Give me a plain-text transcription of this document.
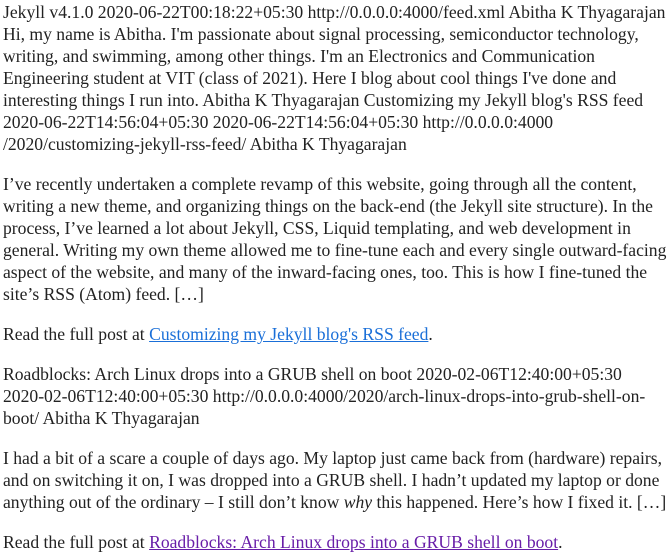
Jekyll v4.1.0 2020-06-22T00:18:22+05:30 http://0.0.0.0:4000/feed.xml Abitha K Thyagarajan
Hi, my name is Abitha. I'm passionate about signal processing, semiconductor technology,
writing, and swimming, among other things. I'm an Electronics and Communication
Engineering student at VIT (class of 2021). Here I blog about cool things I've done and
interesting things I run into. Abitha K Thyagarajan Customizing my Jekyll blog's RSS feed
2020-06-22T14:56:04+05:30 2020-06-22T14:56:04+05:30 http://0.0.0.0:4000
/2020/customizing-jekyll-rss-feed/ Abitha K Thyagarajan

I’ve recently undertaken a complete revamp of this website, going through all the content,
writing a new theme, and organizing things on the back-end (the Jekyll site structure). In the
process, I’ve learned a lot about Jekyll, CSS, Liquid templating, and web development in
general. Writing my own theme allowed me to fine-tune each and every single outward-facing
aspect of the website, and many of the inward-facing ones, too. This is how I fine-tuned the
site’s RSS (Atom) feed. […]

Read the full post at Customizing my Jekyll blog's RSS feed.

Roadblocks: Arch Linux drops into a GRUB shell on boot 2020-02-06T12:40:00+05:30
2020-02-06T12:40:00+05:30 http://0.0.0.0:4000/2020/arch-linux-drops-into-grub-shell-on-
boot/ Abitha K Thyagarajan

I had a bit of a scare a couple of days ago. My laptop just came back from (hardware) repairs,
and on switching it on, I was dropped into a GRUB shell. I hadn’t updated my laptop or done
anything out of the ordinary – I still don’t know why this happened. Here’s how I fixed it. […]

Read the full post at Roadblocks: Arch Linux drops into a GRUB shell on boot.
